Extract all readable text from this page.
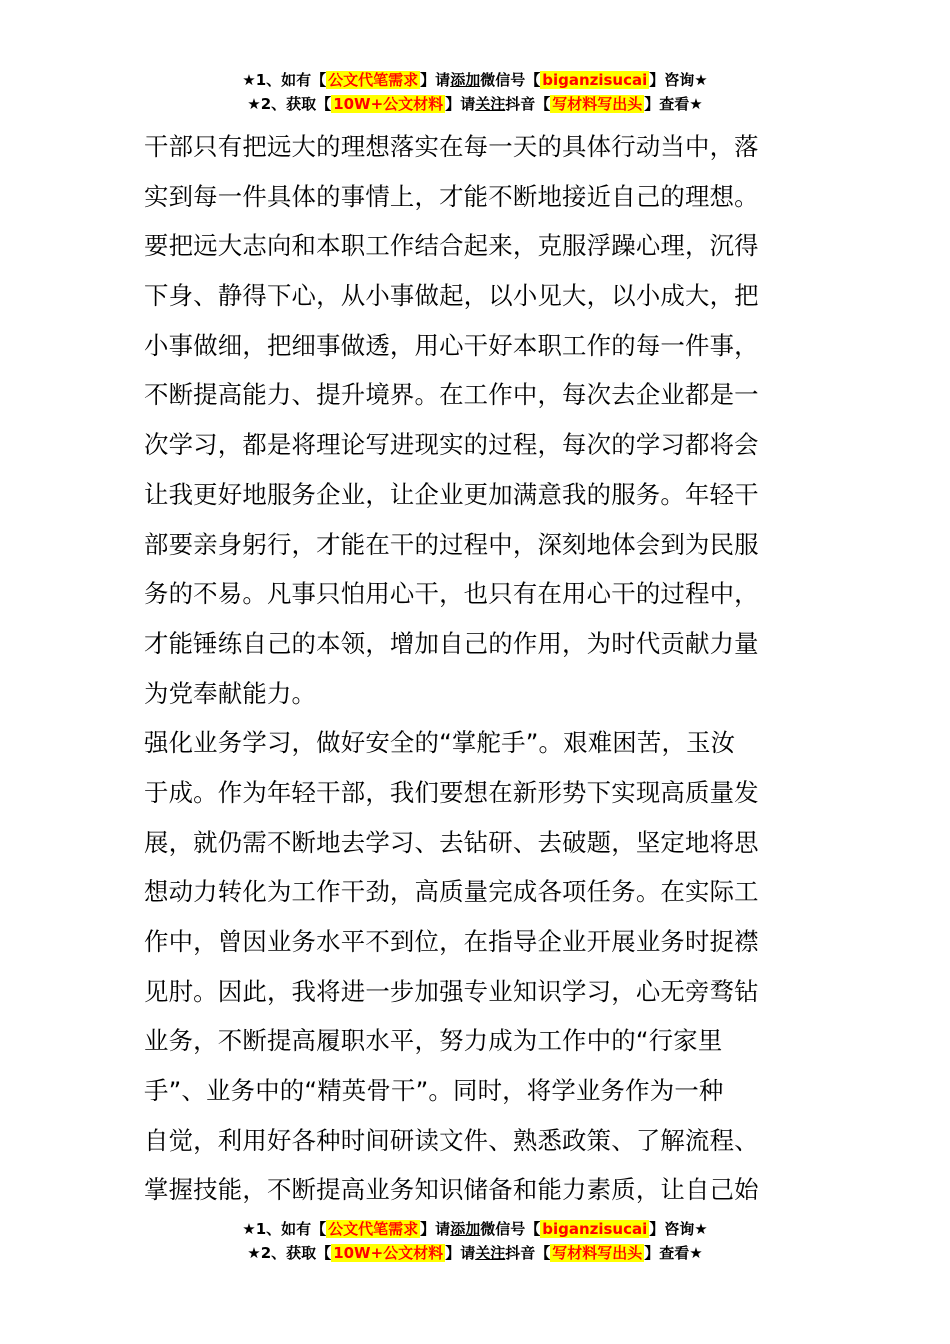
★1、如有【 公文代笔需求 】请添加微信号【 biganzisucai 】咨询★
★2、获取【 10W+公文材料 】请关注抖音【 写材料写出头 】查看★
干部只有把远大的理想落实在每一天的具体行动当中，落
实到每一件具体的事情上，才能不断地接近自己的理想。
要把远大志向和本职工作结合起来，克服浮躁心理，沉得
下身、静得下心，从小事做起，以小见大，以小成大，把
小事做细，把细事做透，用心干好本职工作的每一件事，
不断提高能力、提升境界。在工作中，每次去企业都是一
次学习，都是将理论写进现实的过程，每次的学习都将会
让我更好地服务企业，让企业更加满意我的服务。年轻干
部要亲身躬行，才能在干的过程中，深刻地体会到为民服
务的不易。凡事只怕用心干，也只有在用心干的过程中，
才能锤练自己的本领，增加自己的作用，为时代贡献力量
为党奉献能力。
强化业务学习，做好安全的“掌舵手”。艰难困苦，玉汝
于成。作为年轻干部，我们要想在新形势下实现高质量发
展，就仍需不断地去学习、去钻研、去破题，坚定地将思
想动力转化为工作干劲，高质量完成各项任务。在实际工
作中，曾因业务水平不到位，在指导企业开展业务时捉襟
见肘。因此，我将进一步加强专业知识学习，心无旁骛钻
业务，不断提高履职水平，努力成为工作中的“行家里
手”、业务中的“精英骨干”。同时，将学业务作为一种
自觉，利用好各种时间研读文件、熟悉政策、了解流程、
掌握技能，不断提高业务知识储备和能力素质，让自己始
★1、如有【 公文代笔需求 】请添加微信号【 biganzisucai 】咨询★
★2、获取【 10W+公文材料 】请关注抖音【 写材料写出头 】查看★
